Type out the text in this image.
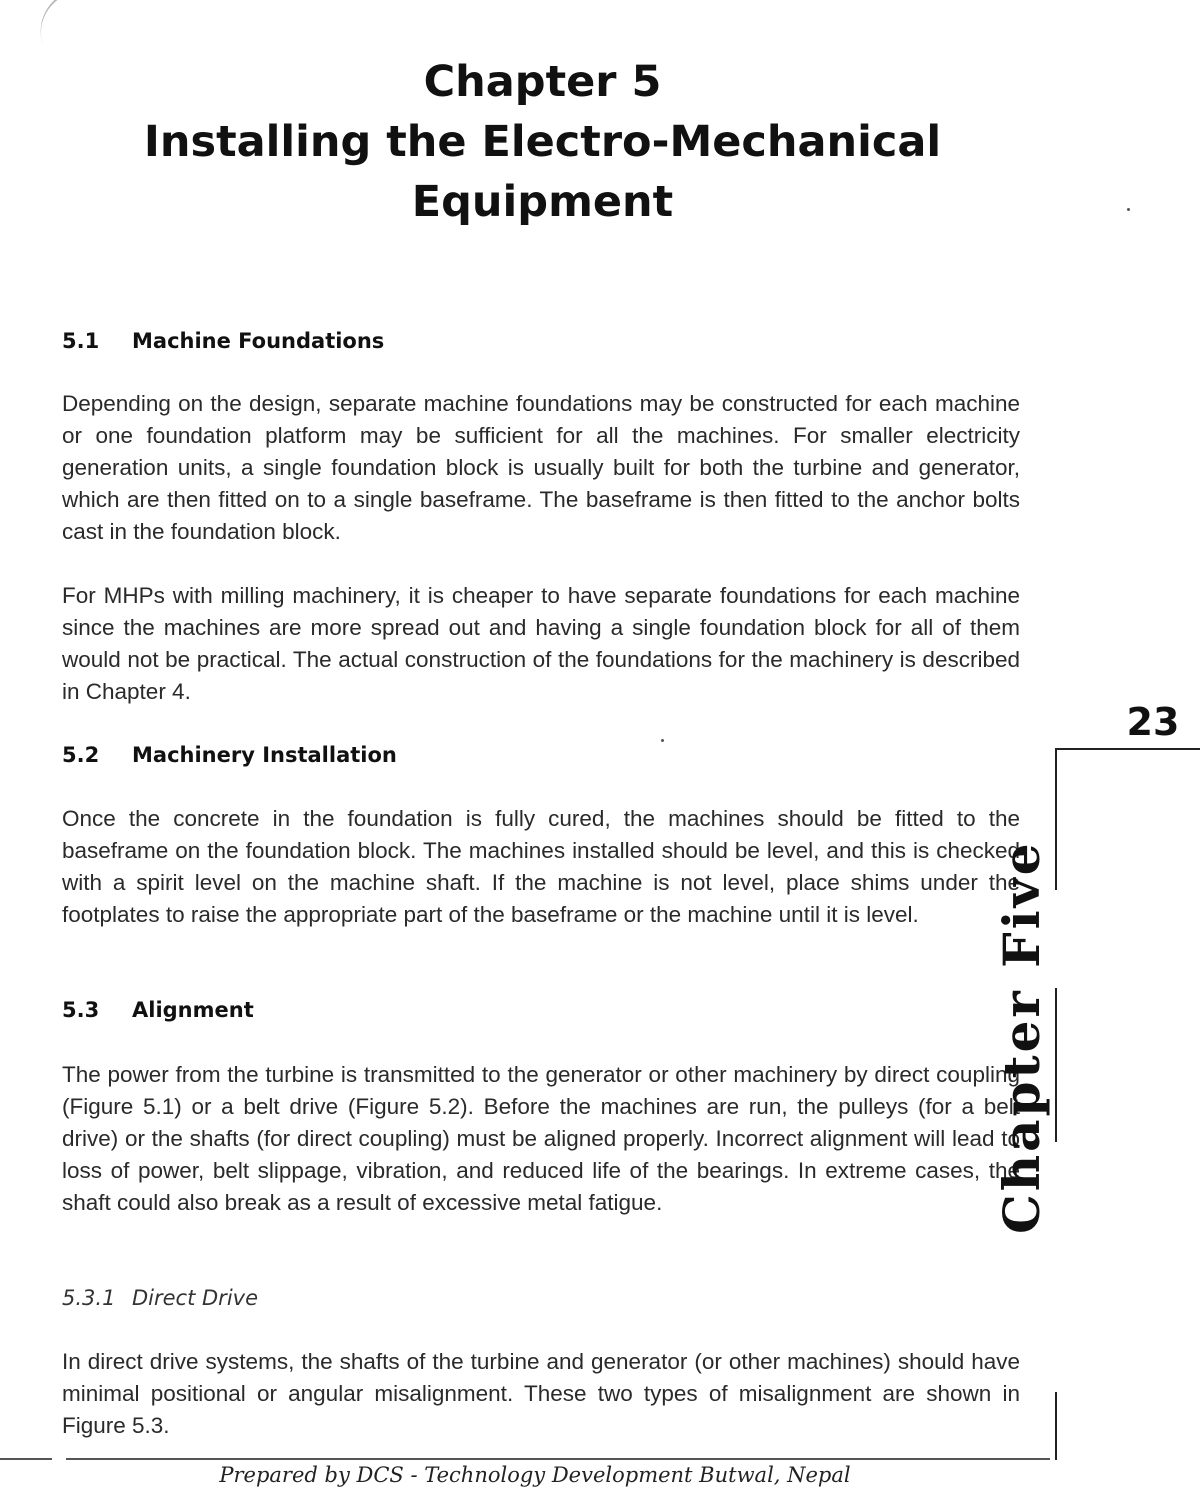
Chapter 5
Installing the Electro-Mechanical
Equipment
5.1 Machine Foundations

Depending on the design, separate machine foundations may be constructed for each machine or one foundation platform may be sufficient for all the machines. For smaller electricity generation units, a single foundation block is usually built for both the turbine and generator, which are then fitted on to a single baseframe. The baseframe is then fitted to the anchor bolts cast in the foundation block.

For MHPs with milling machinery, it is cheaper to have separate foundations for each machine since the machines are more spread out and having a single foundation block for all of them would not be practical. The actual construction of the foundations for the machinery is described in Chapter 4.

5.2 Machinery Installation

Once the concrete in the foundation is fully cured, the machines should be fitted to the baseframe on the foundation block. The machines installed should be level, and this is checked with a spirit level on the machine shaft. If the machine is not level, place shims under the footplates to raise the appropriate part of the baseframe or the machine until it is level.

5.3 Alignment

The power from the turbine is transmitted to the generator or other machinery by direct coupling (Figure 5.1) or a belt drive (Figure 5.2). Before the machines are run, the pulleys (for a belt drive) or the shafts (for direct coupling) must be aligned properly. Incorrect alignment will lead to loss of power, belt slippage, vibration, and reduced life of the bearings. In extreme cases, the shaft could also break as a result of excessive metal fatigue.

5.3.1 Direct Drive

In direct drive systems, the shafts of the turbine and generator (or other machines) should have minimal positional or angular misalignment. These two types of misalignment are shown in Figure 5.3.

23
Chapter Five
Prepared by DCS - Technology Development Butwal, Nepal
